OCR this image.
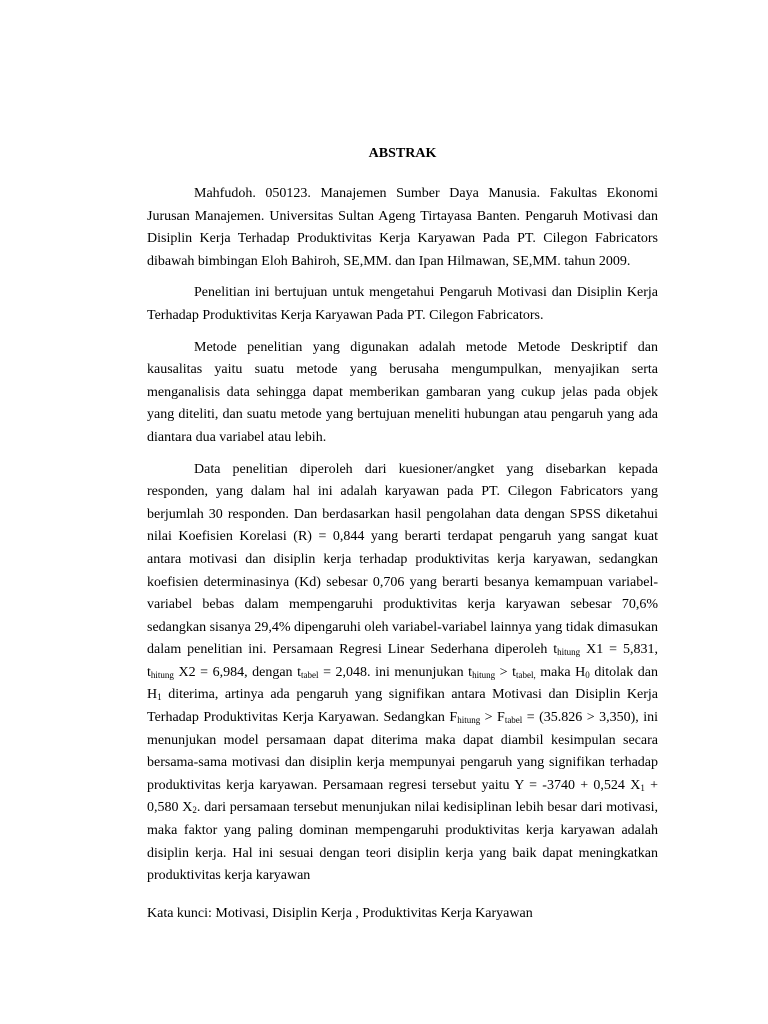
ABSTRAK

Mahfudoh. 050123. Manajemen Sumber Daya Manusia. Fakultas Ekonomi Jurusan Manajemen. Universitas Sultan Ageng Tirtayasa Banten. Pengaruh Motivasi dan Disiplin Kerja Terhadap Produktivitas Kerja Karyawan Pada PT. Cilegon Fabricators dibawah bimbingan Eloh Bahiroh, SE,MM. dan Ipan Hilmawan, SE,MM. tahun 2009.

Penelitian ini bertujuan untuk mengetahui Pengaruh Motivasi dan Disiplin Kerja Terhadap Produktivitas Kerja Karyawan Pada PT. Cilegon Fabricators.

Metode penelitian yang digunakan adalah metode Metode Deskriptif dan kausalitas yaitu suatu metode yang berusaha mengumpulkan, menyajikan serta menganalisis data sehingga dapat memberikan gambaran yang cukup jelas pada objek yang diteliti, dan suatu metode yang bertujuan meneliti hubungan atau pengaruh yang ada diantara dua variabel atau lebih.

Data penelitian diperoleh dari kuesioner/angket yang disebarkan kepada responden, yang dalam hal ini adalah karyawan pada PT. Cilegon Fabricators yang berjumlah 30 responden. Dan berdasarkan hasil pengolahan data dengan SPSS diketahui nilai Koefisien Korelasi (R) = 0,844 yang berarti terdapat pengaruh yang sangat kuat antara motivasi dan disiplin kerja terhadap produktivitas kerja karyawan, sedangkan koefisien determinasinya (Kd) sebesar 0,706 yang berarti besanya kemampuan variabel-variabel bebas dalam mempengaruhi produktivitas kerja karyawan sebesar 70,6% sedangkan sisanya 29,4% dipengaruhi oleh variabel-variabel lainnya yang tidak dimasukan dalam penelitian ini. Persamaan Regresi Linear Sederhana diperoleh $t_{hitung}$ X1 = 5,831, $t_{hitung}$ X2 = 6,984, dengan $t_{tabel} = 2,048$. ini menunjukan $t_{hitung} > t_{tabel,}$ maka $H_0$ ditolak dan $H_1$ diterima, artinya ada pengaruh yang signifikan antara Motivasi dan Disiplin Kerja Terhadap Produktivitas Kerja Karyawan. Sedangkan $F_{hitung} > F_{tabel} = (35.826 > 3,350)$, ini menunjukan model persamaan dapat diterima maka dapat diambil kesimpulan secara bersama-sama motivasi dan disiplin kerja mempunyai pengaruh yang signifikan terhadap produktivitas kerja karyawan. Persamaan regresi tersebut yaitu Y = -3740 + 0,524 $X_1 + 0,580$ $X_2$. dari persamaan tersebut menunjukan nilai kedisiplinan lebih besar dari motivasi, maka faktor yang paling dominan mempengaruhi produktivitas kerja karyawan adalah disiplin kerja. Hal ini sesuai dengan teori disiplin kerja yang baik dapat meningkatkan produktivitas kerja karyawan

Kata kunci: Motivasi, Disiplin Kerja , Produktivitas Kerja Karyawan
